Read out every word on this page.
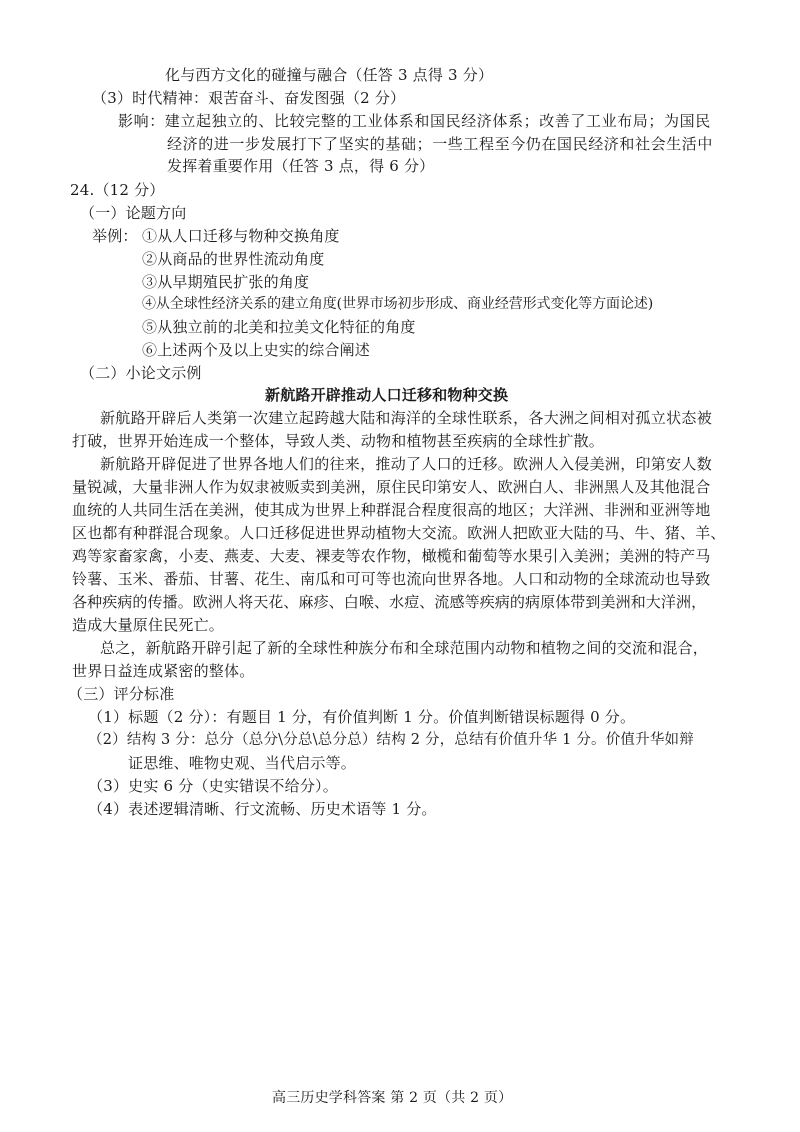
化与西方文化的碰撞与融合（任答 3 点得 3 分）
（3）时代精神：艰苦奋斗、奋发图强（2 分）
影响：建立起独立的、比较完整的工业体系和国民经济体系；改善了工业布局；为国民
经济的进一步发展打下了坚实的基础；一些工程至今仍在国民经济和社会生活中
发挥着重要作用（任答 3 点，得 6 分）
24.（12 分）
（一）论题方向
举例： ①从人口迁移与物种交换角度
②从商品的世界性流动角度
③从早期殖民扩张的角度
④从全球性经济关系的建立角度(世界市场初步形成、商业经营形式变化等方面论述)
⑤从独立前的北美和拉美文化特征的角度
⑥上述两个及以上史实的综合阐述
（二）小论文示例
新航路开辟推动人口迁移和物种交换
新航路开辟后人类第一次建立起跨越大陆和海洋的全球性联系，各大洲之间相对孤立状态被
打破，世界开始连成一个整体，导致人类、动物和植物甚至疾病的全球性扩散。
新航路开辟促进了世界各地人们的往来，推动了人口的迁移。欧洲人入侵美洲，印第安人数
量锐减，大量非洲人作为奴隶被贩卖到美洲，原住民印第安人、欧洲白人、非洲黑人及其他混合
血统的人共同生活在美洲，使其成为世界上种群混合程度很高的地区；大洋洲、非洲和亚洲等地
区也都有种群混合现象。人口迁移促进世界动植物大交流。欧洲人把欧亚大陆的马、牛、猪、羊、
鸡等家畜家禽，小麦、燕麦、大麦、裸麦等农作物，橄榄和葡萄等水果引入美洲；美洲的特产马
铃薯、玉米、番茄、甘薯、花生、南瓜和可可等也流向世界各地。人口和动物的全球流动也导致
各种疾病的传播。欧洲人将天花、麻疹、白喉、水痘、流感等疾病的病原体带到美洲和大洋洲，
造成大量原住民死亡。
总之，新航路开辟引起了新的全球性种族分布和全球范围内动物和植物之间的交流和混合，
世界日益连成紧密的整体。
（三）评分标准
（1）标题（2 分）：有题目 1 分，有价值判断 1 分。价值判断错误标题得 0 分。
（2）结构 3 分：总分（总分\分总\总分总）结构 2 分，总结有价值升华 1 分。价值升华如辩
证思维、唯物史观、当代启示等。
（3）史实 6 分（史实错误不给分）。
（4）表述逻辑清晰、行文流畅、历史术语等 1 分。
高三历史学科答案 第 2 页（共 2 页）
